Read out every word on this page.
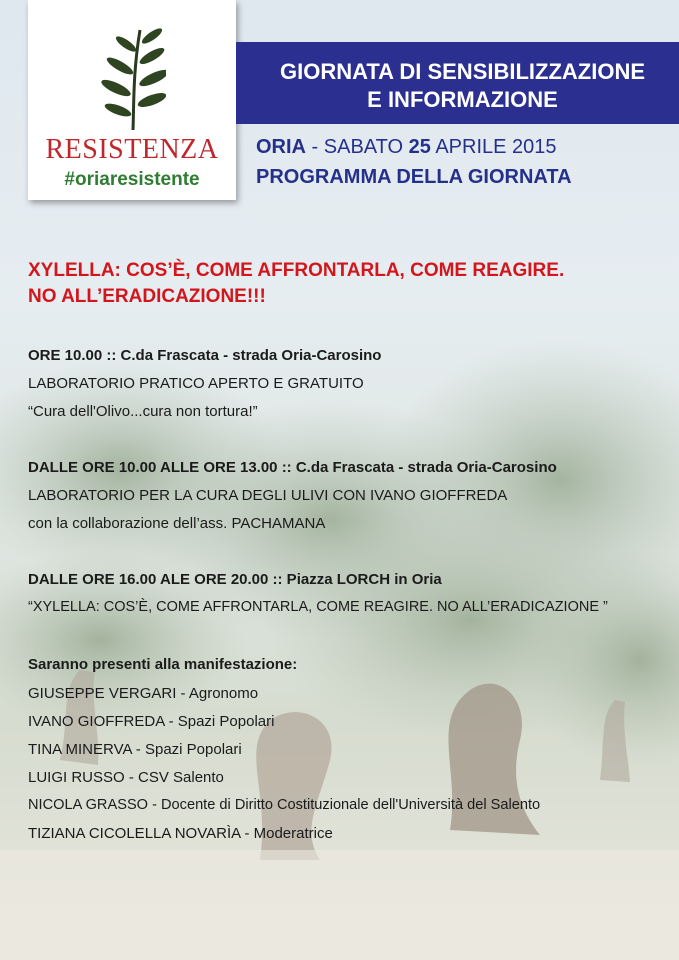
RESISTENZA
#oriaresistente
GIORNATA DI SENSIBILIZZAZIONE
E INFORMAZIONE
ORIA - SABATO 25 APRILE 2015
PROGRAMMA DELLA GIORNATA
XYLELLA: COS’È, COME AFFRONTARLA, COME REAGIRE.
NO ALL’ERADICAZIONE!!!
ORE 10.00 :: C.da Frascata - strada Oria-Carosino
LABORATORIO PRATICO APERTO E GRATUITO
“Cura dell'Olivo...cura non tortura!”
DALLE ORE 10.00 ALLE ORE 13.00 :: C.da Frascata - strada Oria-Carosino
LABORATORIO PER LA CURA DEGLI ULIVI CON IVANO GIOFFREDA
con la collaborazione dell’ass. PACHAMANA
DALLE ORE 16.00 ALE ORE 20.00 :: Piazza LORCH in Oria
“XYLELLA: COS’È, COME AFFRONTARLA, COME REAGIRE. NO ALL’ERADICAZIONE ”
Saranno presenti alla manifestazione:
GIUSEPPE VERGARI - Agronomo
IVANO GIOFFREDA - Spazi Popolari
TINA MINERVA - Spazi Popolari
LUIGI RUSSO - CSV Salento
NICOLA GRASSO - Docente di Diritto Costituzionale dell'Università del Salento
TIZIANA CICOLELLA NOVARÌA - Moderatrice
